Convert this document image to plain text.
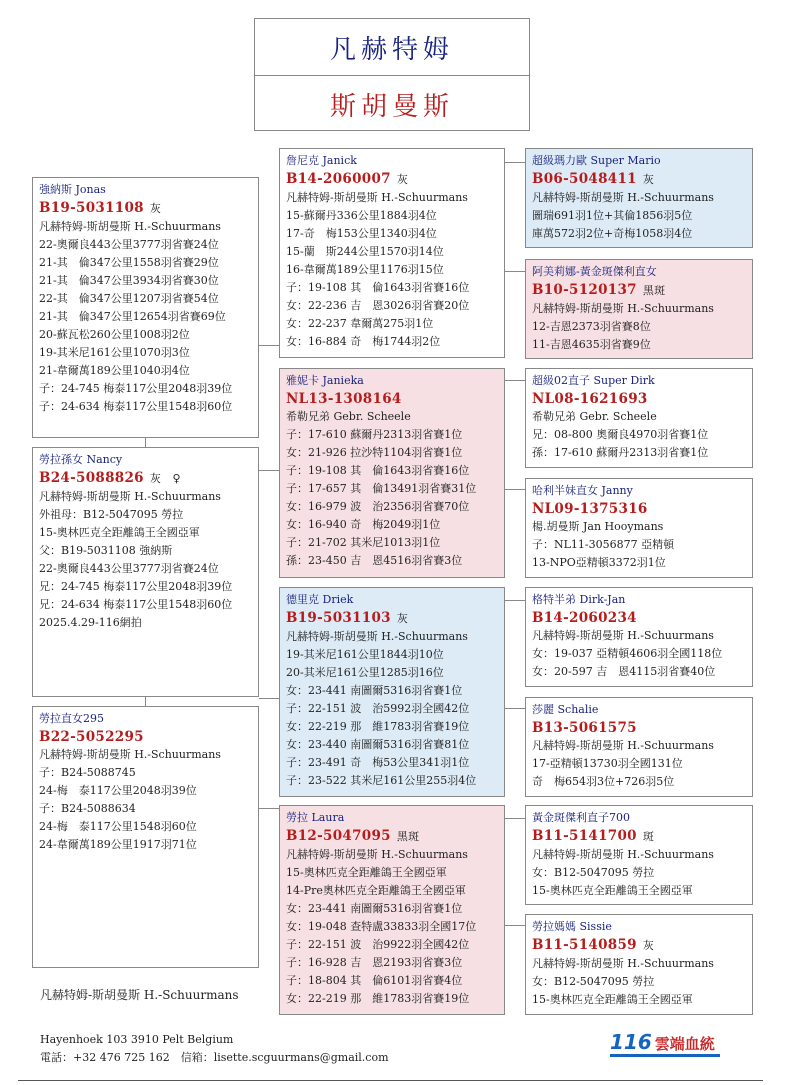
凡赫特姆
斯胡曼斯
強納斯 Jonas
B19-5031108 灰
凡赫特姆-斯胡曼斯 H.-Schuurmans
22-奧爾良443公里3777羽省賽24位
21-其　倫347公里1558羽省賽29位
21-其　倫347公里3934羽省賽30位
22-其　倫347公里1207羽省賽54位
21-其　倫347公里12654羽省賽69位
20-蘇瓦松260公里1008羽2位
19-其米尼161公里1070羽3位
21-韋爾萬189公里1040羽4位
子：24-745 梅泰117公里2048羽39位
子：24-634 梅泰117公里1548羽60位
勞拉孫女 Nancy
B24-5088826 灰　♀
凡赫特姆-斯胡曼斯 H.-Schuurmans
外祖母：B12-5047095 勞拉
15-奧林匹克全距離鴿王全國亞軍
父：B19-5031108 強納斯
22-奧爾良443公里3777羽省賽24位
兄：24-745 梅泰117公里2048羽39位
兄：24-634 梅泰117公里1548羽60位
2025.4.29-116網拍
勞拉直女295
B22-5052295
凡赫特姆-斯胡曼斯 H.-Schuurmans
子：B24-5088745
24-梅　泰117公里2048羽39位
子：B24-5088634
24-梅　泰117公里1548羽60位
24-韋爾萬189公里1917羽71位
詹尼克 Janick
B14-2060007 灰
凡赫特姆-斯胡曼斯 H.-Schuurmans
15-蘇爾丹336公里1884羽4位
17-奇　梅153公里1340羽4位
15-蘭　斯244公里1570羽14位
16-韋爾萬189公里1176羽15位
子：19-108 其　倫1643羽省賽16位
女：22-236 吉　恩3026羽省賽20位
女：22-237 韋爾萬275羽1位
女：16-884 奇　梅1744羽2位
雅妮卡 Janieka
NL13-1308164
希勒兄弟 Gebr. Scheele
子：17-610 蘇爾丹2313羽省賽1位
女：21-926 拉沙特1104羽省賽1位
子：19-108 其　倫1643羽省賽16位
子：17-657 其　倫13491羽省賽31位
女：16-979 波　治2356羽省賽70位
女：16-940 奇　梅2049羽1位
子：21-702 其米尼1013羽1位
孫：23-450 吉　恩4516羽省賽3位
德里克 Driek
B19-5031103 灰
凡赫特姆-斯胡曼斯 H.-Schuurmans
19-其米尼161公里1844羽10位
20-其米尼161公里1285羽16位
女：23-441 南圖爾5316羽省賽1位
子：22-151 波　治5992羽全國42位
女：22-219 那　維1783羽省賽19位
女：23-440 南圖爾5316羽省賽81位
子：23-491 奇　梅53公里341羽1位
子：23-522 其米尼161公里255羽4位
勞拉 Laura
B12-5047095 黑斑
凡赫特姆-斯胡曼斯 H.-Schuurmans
15-奧林匹克全距離鴿王全國亞軍
14-Pre奧林匹克全距離鴿王全國亞軍
女：23-441 南圖爾5316羽省賽1位
女：19-048 查特盧33833羽全國17位
子：22-151 波　治9922羽全國42位
子：16-928 吉　恩2193羽省賽3位
子：18-804 其　倫6101羽省賽4位
女：22-219 那　維1783羽省賽19位
超級瑪力歐 Super Mario
B06-5048411 灰
凡赫特姆-斯胡曼斯 H.-Schuurmans
圖瑞691羽1位+其倫1856羽5位
庫萬572羽2位+奇梅1058羽4位
阿美莉娜-黃金斑傑利直女
B10-5120137 黑斑
凡赫特姆-斯胡曼斯 H.-Schuurmans
12-吉恩2373羽省賽8位
11-吉恩4635羽省賽9位
超級02直子 Super Dirk
NL08-1621693
希勒兄弟 Gebr. Scheele
兄：08-800 奧爾良4970羽省賽1位
孫：17-610 蘇爾丹2313羽省賽1位
哈利半妹直女 Janny
NL09-1375316
楊.胡曼斯 Jan Hooymans
子：NL11-3056877 亞精頓
13-NPO亞精頓3372羽1位
格特半弟 Dirk-Jan
B14-2060234
凡赫特姆-斯胡曼斯 H.-Schuurmans
女：19-037 亞精頓4606羽全國118位
女：20-597 吉　恩4115羽省賽40位
莎麗 Schalie
B13-5061575
凡赫特姆-斯胡曼斯 H.-Schuurmans
17-亞精頓13730羽全國131位
奇　梅654羽3位+726羽5位
黃金斑傑利直子700
B11-5141700 斑
凡赫特姆-斯胡曼斯 H.-Schuurmans
女：B12-5047095 勞拉
15-奧林匹克全距離鴿王全國亞軍
勞拉媽媽 Sissie
B11-5140859 灰
凡赫特姆-斯胡曼斯 H.-Schuurmans
女：B12-5047095 勞拉
15-奧林匹克全距離鴿王全國亞軍
凡赫特姆-斯胡曼斯 H.-Schuurmans
Hayenhoek 103 3910 Pelt Belgium
電話：+32 476 725 162　信箱：lisette.scguurmans@gmail.com
116 雲端血統
